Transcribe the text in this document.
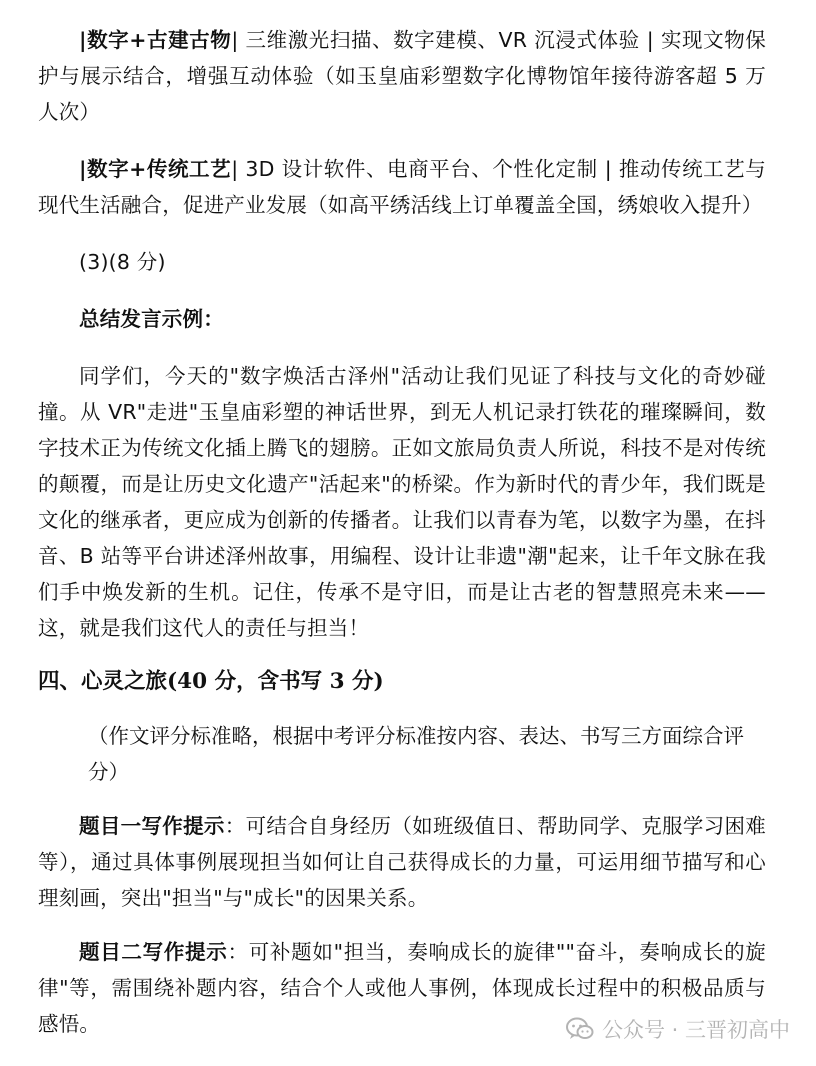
|数字+古建古物| 三维激光扫描、数字建模、VR 沉浸式体验 | 实现文物保护与展示结合，增强互动体验（如玉皇庙彩塑数字化博物馆年接待游客超 5 万人次）

|数字+传统工艺| 3D 设计软件、电商平台、个性化定制 | 推动传统工艺与现代生活融合，促进产业发展（如高平绣活线上订单覆盖全国，绣娘收入提升）

(3)(8 分)

总结发言示例：

同学们，今天的"数字焕活古泽州"活动让我们见证了科技与文化的奇妙碰撞。从 VR"走进"玉皇庙彩塑的神话世界，到无人机记录打铁花的璀璨瞬间，数字技术正为传统文化插上腾飞的翅膀。正如文旅局负责人所说，科技不是对传统的颠覆，而是让历史文化遗产"活起来"的桥梁。作为新时代的青少年，我们既是文化的继承者，更应成为创新的传播者。让我们以青春为笔，以数字为墨，在抖音、B 站等平台讲述泽州故事，用编程、设计让非遗"潮"起来，让千年文脉在我们手中焕发新的生机。记住，传承不是守旧，而是让古老的智慧照亮未来——这，就是我们这代人的责任与担当！

四、心灵之旅(40 分，含书写 3 分)

（作文评分标准略，根据中考评分标准按内容、表达、书写三方面综合评分）

题目一写作提示：可结合自身经历（如班级值日、帮助同学、克服学习困难等），通过具体事例展现担当如何让自己获得成长的力量，可运用细节描写和心理刻画，突出"担当"与"成长"的因果关系。

题目二写作提示：可补题如"担当，奏响成长的旋律""奋斗，奏响成长的旋律"等，需围绕补题内容，结合个人或他人事例，体现成长过程中的积极品质与感悟。	公众号 · 三晋初高中
